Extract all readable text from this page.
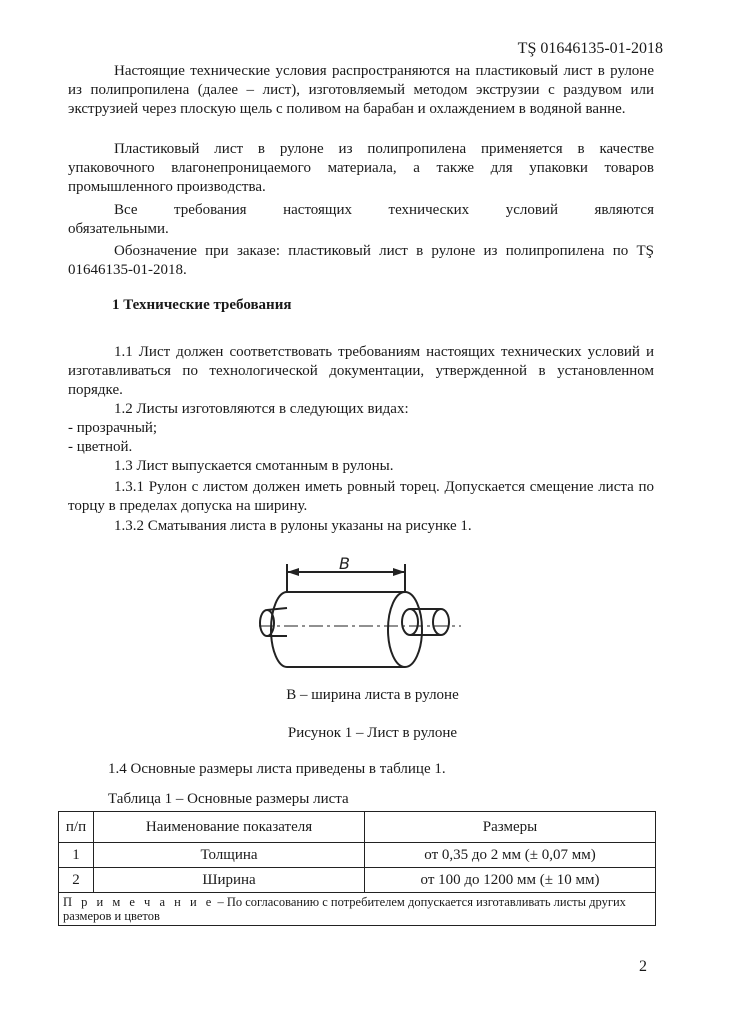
TŞ 01646135-01-2018

Настоящие технические условия распространяются на пластиковый лист в рулоне из полипропилена (далее – лист), изготовляемый методом экструзии с раздувом или экструзией через плоскую щель с поливом на барабан и охлаждением в водяной ванне.

Пластиковый лист в рулоне из полипропилена применяется в качестве упаковочного влагонепроницаемого материала, а также для упаковки товаров промышленного производства.

Все требования настоящих технических условий являются обязательными.

Обозначение при заказе: пластиковый лист в рулоне из полипропилена по TŞ 01646135-01-2018.

1 Технические требования

1.1 Лист должен соответствовать требованиям настоящих технических условий и изготавливаться по технологической документации, утвержденной в установленном порядке.

1.2 Листы изготовляются в следующих видах:

- прозрачный;

- цветной.

1.3 Лист выпускается смотанным в рулоны.

1.3.1 Рулон с листом должен иметь ровный торец. Допускается смещение листа по торцу в пределах допуска на ширину.

1.3.2 Сматывания листа в рулоны указаны на рисунке 1.

B
В – ширина листа в рулоне
Рисунок 1 – Лист в рулоне

1.4 Основные размеры листа приведены в таблице 1.

Таблица 1 – Основные размеры листа
п/п	Наименование показателя	Размеры
1	Толщина	от 0,35 до 2 мм (± 0,07 мм)
2	Ширина	от 100 до 1200 мм (± 10 мм)
П р и м е ч а н и е – По согласованию с потребителем допускается изготавливать листы других размеров и цветов		
2
